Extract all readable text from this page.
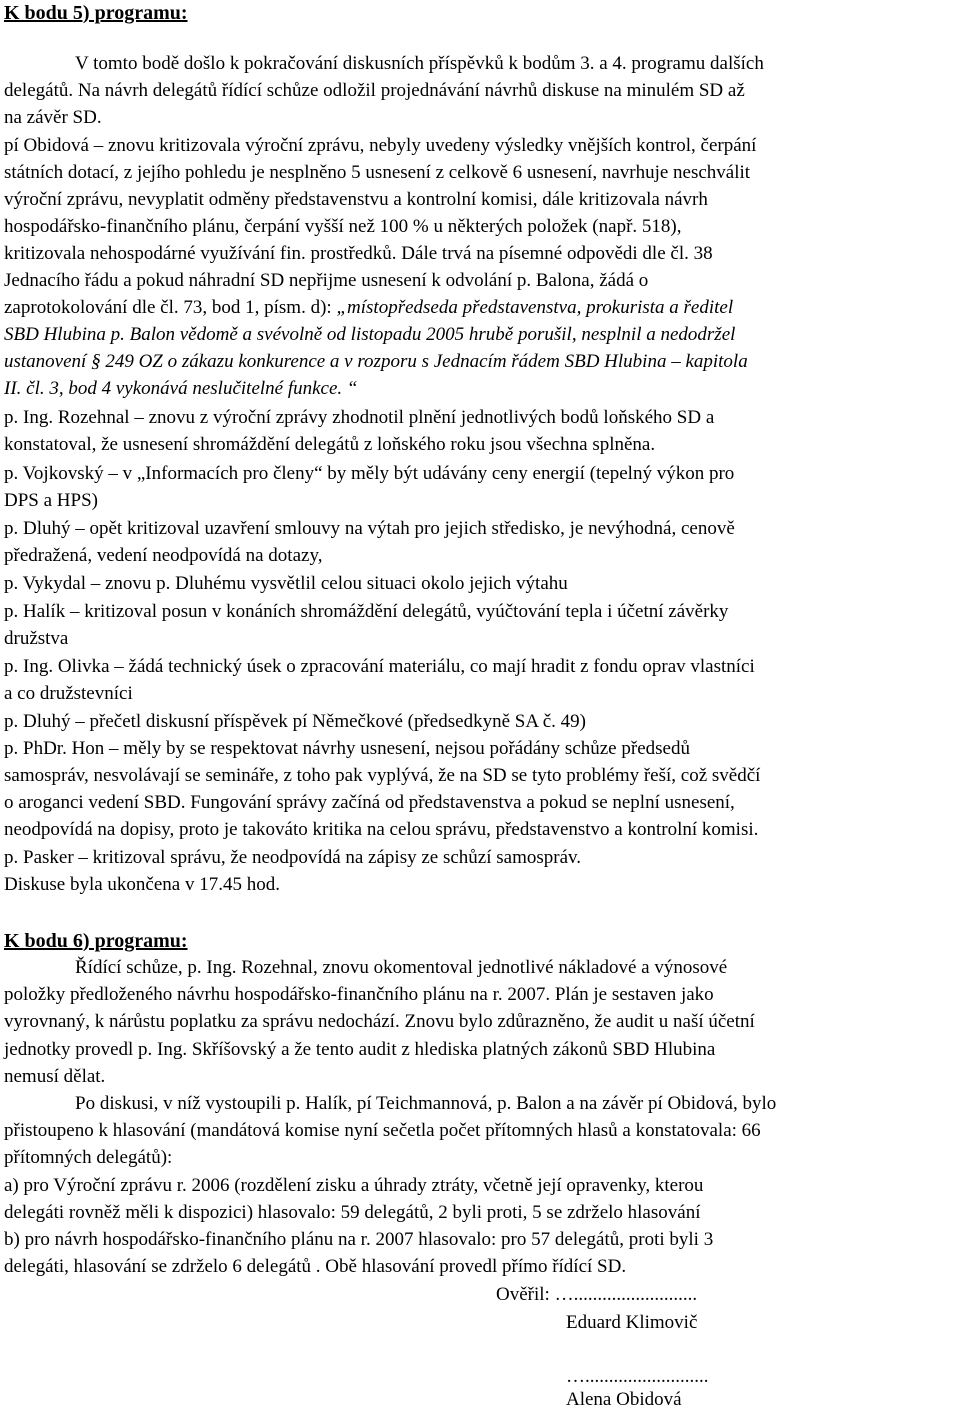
K bodu 5) programu:
V tomto bodě došlo k pokračování diskusních příspěvků k bodům 3. a 4. programu dalších
delegátů. Na návrh delegátů řídící schůze odložil projednávání návrhů diskuse na minulém SD až
na závěr SD.
pí Obidová – znovu kritizovala výroční zprávu, nebyly uvedeny výsledky vnějších kontrol, čerpání
státních dotací, z jejího pohledu je nesplněno 5 usnesení z celkově 6 usnesení, navrhuje neschválit
výroční zprávu, nevyplatit odměny představenstvu a kontrolní komisi, dále kritizovala návrh
hospodářsko-finančního plánu, čerpání vyšší než 100 % u některých položek (např. 518),
kritizovala nehospodárné využívání fin. prostředků. Dále trvá na písemné odpovědi dle čl. 38
Jednacího řádu a pokud náhradní SD nepřijme usnesení k odvolání p. Balona, žádá o
zaprotokolování dle čl. 73, bod 1, písm. d): „místopředseda představenstva, prokurista a ředitel
SBD Hlubina p. Balon vědomě a svévolně od listopadu 2005 hrubě porušil, nesplnil a nedodržel
ustanovení § 249 OZ o zákazu konkurence a v rozporu s Jednacím řádem SBD Hlubina – kapitola
II. čl. 3, bod 4 vykonává neslučitelné funkce. “
p. Ing. Rozehnal – znovu z výroční zprávy zhodnotil plnění jednotlivých bodů loňského SD a
konstatoval, že usnesení shromáždění delegátů z loňského roku jsou všechna splněna.
p. Vojkovský – v „Informacích pro členy“ by měly být udávány ceny energií (tepelný výkon pro
DPS a HPS)
p. Dluhý – opět kritizoval uzavření smlouvy na výtah pro jejich středisko, je nevýhodná, cenově
předražená, vedení neodpovídá na dotazy,
p. Vykydal – znovu p. Dluhému vysvětlil celou situaci okolo jejich výtahu
p. Halík – kritizoval posun v konáních shromáždění delegátů, vyúčtování tepla i účetní závěrky
družstva
p. Ing. Olivka – žádá technický úsek o zpracování materiálu, co mají hradit z fondu oprav vlastníci
a co družstevníci
p. Dluhý – přečetl diskusní příspěvek pí Němečkové (předsedkyně SA č. 49)
p. PhDr. Hon – měly by se respektovat návrhy usnesení, nejsou pořádány schůze předsedů
samospráv, nesvolávají se semináře, z toho pak vyplývá, že na SD se tyto problémy řeší, což svědčí
o aroganci vedení SBD. Fungování správy začíná od představenstva a pokud se neplní usnesení,
neodpovídá na dopisy, proto je takováto kritika na celou správu, představenstvo a kontrolní komisi.
p. Pasker – kritizoval správu, že neodpovídá na zápisy ze schůzí samospráv.
Diskuse byla ukončena v 17.45 hod.
K bodu 6) programu:
Řídící schůze, p. Ing. Rozehnal, znovu okomentoval jednotlivé nákladové a výnosové
položky předloženého návrhu hospodářsko-finančního plánu na r. 2007. Plán je sestaven jako
vyrovnaný, k nárůstu poplatku za správu nedochází. Znovu bylo zdůrazněno, že audit u naší účetní
jednotky provedl p. Ing. Skříšovský a že tento audit z hlediska platných zákonů SBD Hlubina
nemusí dělat.
Po diskusi, v níž vystoupili p. Halík, pí Teichmannová, p. Balon a na závěr pí Obidová, bylo
přistoupeno k hlasování (mandátová komise nyní sečetla počet přítomných hlasů a konstatovala: 66
přítomných delegátů):
a) pro Výroční zprávu r. 2006 (rozdělení zisku a úhrady ztráty, včetně její opravenky, kterou
delegáti rovněž měli k dispozici) hlasovalo: 59 delegátů, 2 byli proti, 5 se zdrželo hlasování
b) pro návrh hospodářsko-finančního plánu na r. 2007 hlasovalo: pro 57 delegátů, proti byli 3
delegáti, hlasování se zdrželo 6 delegátů . Obě hlasování provedl přímo řídící SD.
Ověřil: …..........................
Eduard Klimovič
…..........................
Alena Obidová
